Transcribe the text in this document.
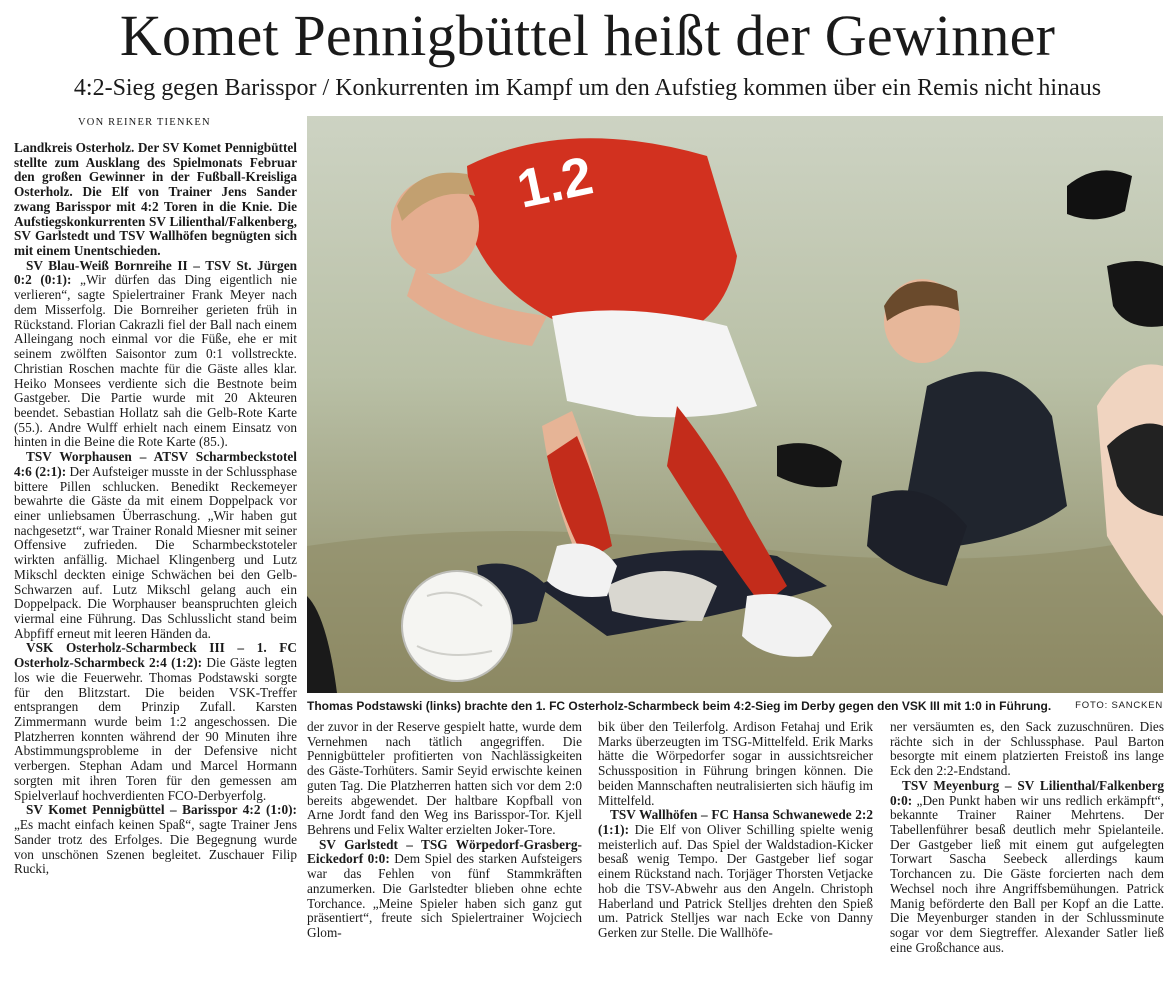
Komet Pennigbüttel heißt der Gewinner
4:2-Sieg gegen Barisspor / Konkurrenten im Kampf um den Aufstieg kommen über ein Remis nicht hinaus
VON REINER TIENKEN

Landkreis Osterholz. Der SV Komet Pennigbüttel stellte zum Ausklang des Spielmonats Februar den großen Gewinner in der Fußball-Kreisliga Osterholz. Die Elf von Trainer Jens Sander zwang Barisspor mit 4:2 Toren in die Knie. Die Aufstiegskonkurrenten SV Lilienthal/Falkenberg, SV Garlstedt und TSV Wallhöfen begnügten sich mit einem Unentschieden.

SV Blau-Weiß Bornreihe II – TSV St. Jürgen 0:2 (0:1): „Wir dürfen das Ding eigentlich nie verlieren“, sagte Spielertrainer Frank Meyer nach dem Misserfolg. Die Bornreiher gerieten früh in Rückstand. Florian Cakrazli fiel der Ball nach einem Alleingang noch einmal vor die Füße, ehe er mit seinem zwölften Saisontor zum 0:1 vollstreckte. Christian Roschen machte für die Gäste alles klar. Heiko Monsees verdiente sich die Bestnote beim Gastgeber. Die Partie wurde mit 20 Akteuren beendet. Sebastian Hollatz sah die Gelb-Rote Karte (55.). Andre Wulff erhielt nach einem Einsatz von hinten in die Beine die Rote Karte (85.).

TSV Worphausen – ATSV Scharmbeckstotel 4:6 (2:1): Der Aufsteiger musste in der Schlussphase bittere Pillen schlucken. Benedikt Reckemeyer bewahrte die Gäste da mit einem Doppelpack vor einer unliebsamen Überraschung. „Wir haben gut nachgesetzt“, war Trainer Ronald Miesner mit seiner Offensive zufrieden. Die Scharmbeckstoteler wirkten anfällig. Michael Klingenberg und Lutz Mikschl deckten einige Schwächen bei den Gelb-Schwarzen auf. Lutz Mikschl gelang auch ein Doppelpack. Die Worphauser beanspruchten gleich viermal eine Führung. Das Schlusslicht stand beim Abpfiff erneut mit leeren Händen da.

VSK Osterholz-Scharmbeck III – 1. FC Osterholz-Scharmbeck 2:4 (1:2): Die Gäste legten los wie die Feuerwehr. Thomas Podstawski sorgte für den Blitzstart. Die beiden VSK-Treffer entsprangen dem Prinzip Zufall. Karsten Zimmermann wurde beim 1:2 angeschossen. Die Platzherren konnten während der 90 Minuten ihre Abstimmungsprobleme in der Defensive nicht verbergen. Stephan Adam und Marcel Hormann sorgten mit ihren Toren für den gemessen am Spielverlauf hochverdienten FCO-Derbyerfolg.

SV Komet Pennigbüttel – Barisspor 4:2 (1:0): „Es macht einfach keinen Spaß“, sagte Trainer Jens Sander trotz des Erfolges. Die Begegnung wurde von unschönen Szenen begleitet. Zuschauer Filip Rucki,

1.2
Thomas Podstawski (links) brachte den 1. FC Osterholz-Scharmbeck beim 4:2-Sieg im Derby gegen den VSK III mit 1:0 in Führung.	FOTO: SANCKEN

der zuvor in der Reserve gespielt hatte, wurde dem Vernehmen nach tätlich angegriffen. Die Pennigbütteler profitierten von Nachlässigkeiten des Gäste-Torhüters. Samir Seyid erwischte keinen guten Tag. Die Platzherren hatten sich vor dem 2:0 bereits abgewendet. Der haltbare Kopfball von Arne Jordt fand den Weg ins Barisspor-Tor. Kjell Behrens und Felix Walter erzielten Joker-Tore.

SV Garlstedt – TSG Wörpedorf-Grasberg-Eickedorf 0:0: Dem Spiel des starken Aufsteigers war das Fehlen von fünf Stammkräften anzumerken. Die Garlstedter blieben ohne echte Torchance. „Meine Spieler haben sich ganz gut präsentiert“, freute sich Spielertrainer Wojciech Glom-

bik über den Teilerfolg. Ardison Fetahaj und Erik Marks überzeugten im TSG-Mittelfeld. Erik Marks hätte die Wörpedorfer sogar in aussichtsreicher Schussposition in Führung bringen können. Die beiden Mannschaften neutralisierten sich häufig im Mittelfeld.

TSV Wallhöfen – FC Hansa Schwanewede 2:2 (1:1): Die Elf von Oliver Schilling spielte wenig meisterlich auf. Das Spiel der Waldstadion-Kicker besaß wenig Tempo. Der Gastgeber lief sogar einem Rückstand nach. Torjäger Thorsten Vetjacke hob die TSV-Abwehr aus den Angeln. Christoph Haberland und Patrick Stelljes drehten den Spieß um. Patrick Stelljes war nach Ecke von Danny Gerken zur Stelle. Die Wallhöfe-

ner versäumten es, den Sack zuzuschnüren. Dies rächte sich in der Schlussphase. Paul Barton besorgte mit einem platzierten Freistoß ins lange Eck den 2:2-Endstand.

TSV Meyenburg – SV Lilienthal/Falkenberg 0:0: „Den Punkt haben wir uns redlich erkämpft“, bekannte Trainer Rainer Mehrtens. Der Tabellenführer besaß deutlich mehr Spielanteile. Der Gastgeber ließ mit einem gut aufgelegten Torwart Sascha Seebeck allerdings kaum Torchancen zu. Die Gäste forcierten nach dem Wechsel noch ihre Angriffsbemühungen. Patrick Manig beförderte den Ball per Kopf an die Latte. Die Meyenburger standen in der Schlussminute sogar vor dem Siegtreffer. Alexander Satler ließ eine Großchance aus.
